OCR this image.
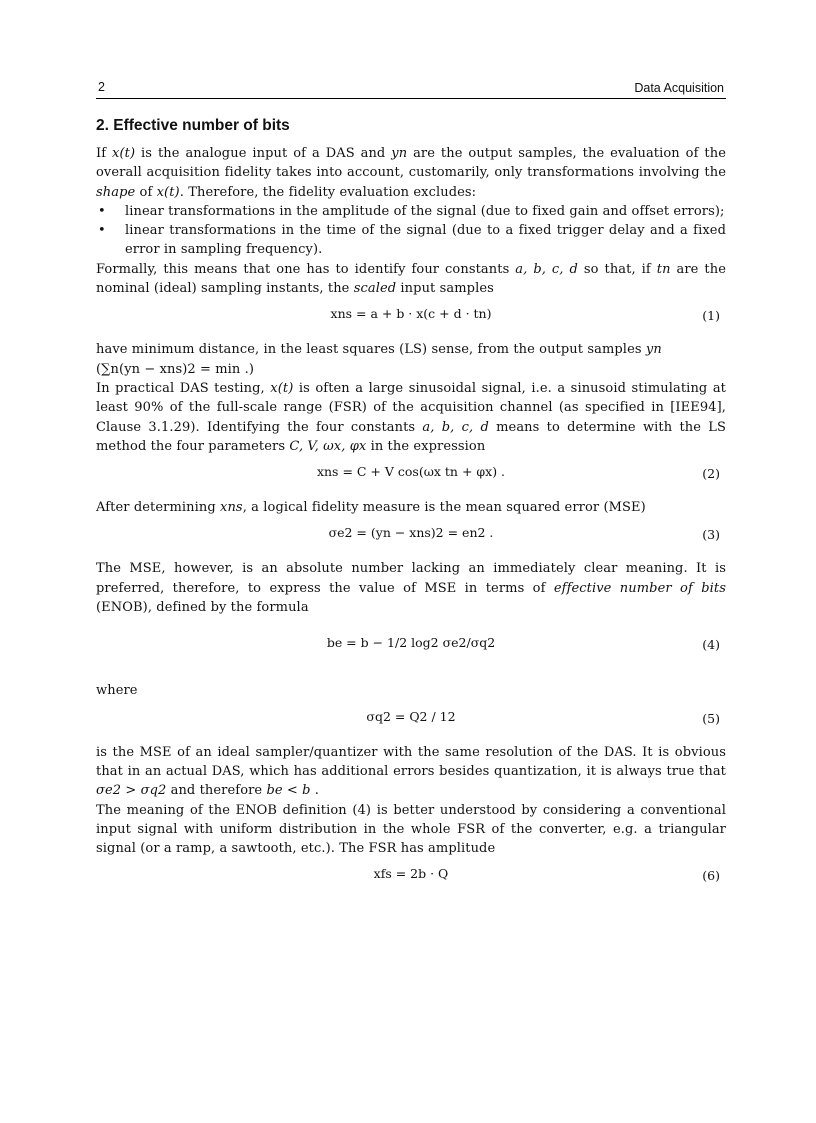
2	Data Acquisition
2. Effective number of bits

If x(t) is the analogue input of a DAS and yn are the output samples, the evaluation of the overall acquisition fidelity takes into account, customarily, only transformations involving the shape of x(t). Therefore, the fidelity evaluation excludes:

• linear transformations in the amplitude of the signal (due to fixed gain and offset errors);
• linear transformations in the time of the signal (due to a fixed trigger delay and a fixed error in sampling frequency).

Formally, this means that one has to identify four constants a, b, c, d so that, if tn are the nominal (ideal) sampling instants, the scaled input samples

xns = a + b · x(c + d · tn)	(1)

have minimum distance, in the least squares (LS) sense, from the output samples yn
(∑n(yn − xns)2 = min .)

In practical DAS testing, x(t) is often a large sinusoidal signal, i.e. a sinusoid stimulating at least 90% of the full-scale range (FSR) of the acquisition channel (as specified in [IEE94], Clause 3.1.29). Identifying the four constants a, b, c, d means to determine with the LS method the four parameters C, V, ωx, φx in the expression

xns = C + V cos(ωx tn + φx) .	(2)

After determining xns, a logical fidelity measure is the mean squared error (MSE)

σe2 = (yn − xns)2 = en2 .	(3)

The MSE, however, is an absolute number lacking an immediately clear meaning. It is preferred, therefore, to express the value of MSE in terms of effective number of bits (ENOB), defined by the formula

be = b − 1/2 log2 σe2/σq2	(4)

where

σq2 = Q2 / 12	(5)

is the MSE of an ideal sampler/quantizer with the same resolution of the DAS. It is obvious that in an actual DAS, which has additional errors besides quantization, it is always true that σe2 > σq2 and therefore be < b .

The meaning of the ENOB definition (4) is better understood by considering a conventional input signal with uniform distribution in the whole FSR of the converter, e.g. a triangular signal (or a ramp, a sawtooth, etc.). The FSR has amplitude

xfs = 2b · Q	(6)
